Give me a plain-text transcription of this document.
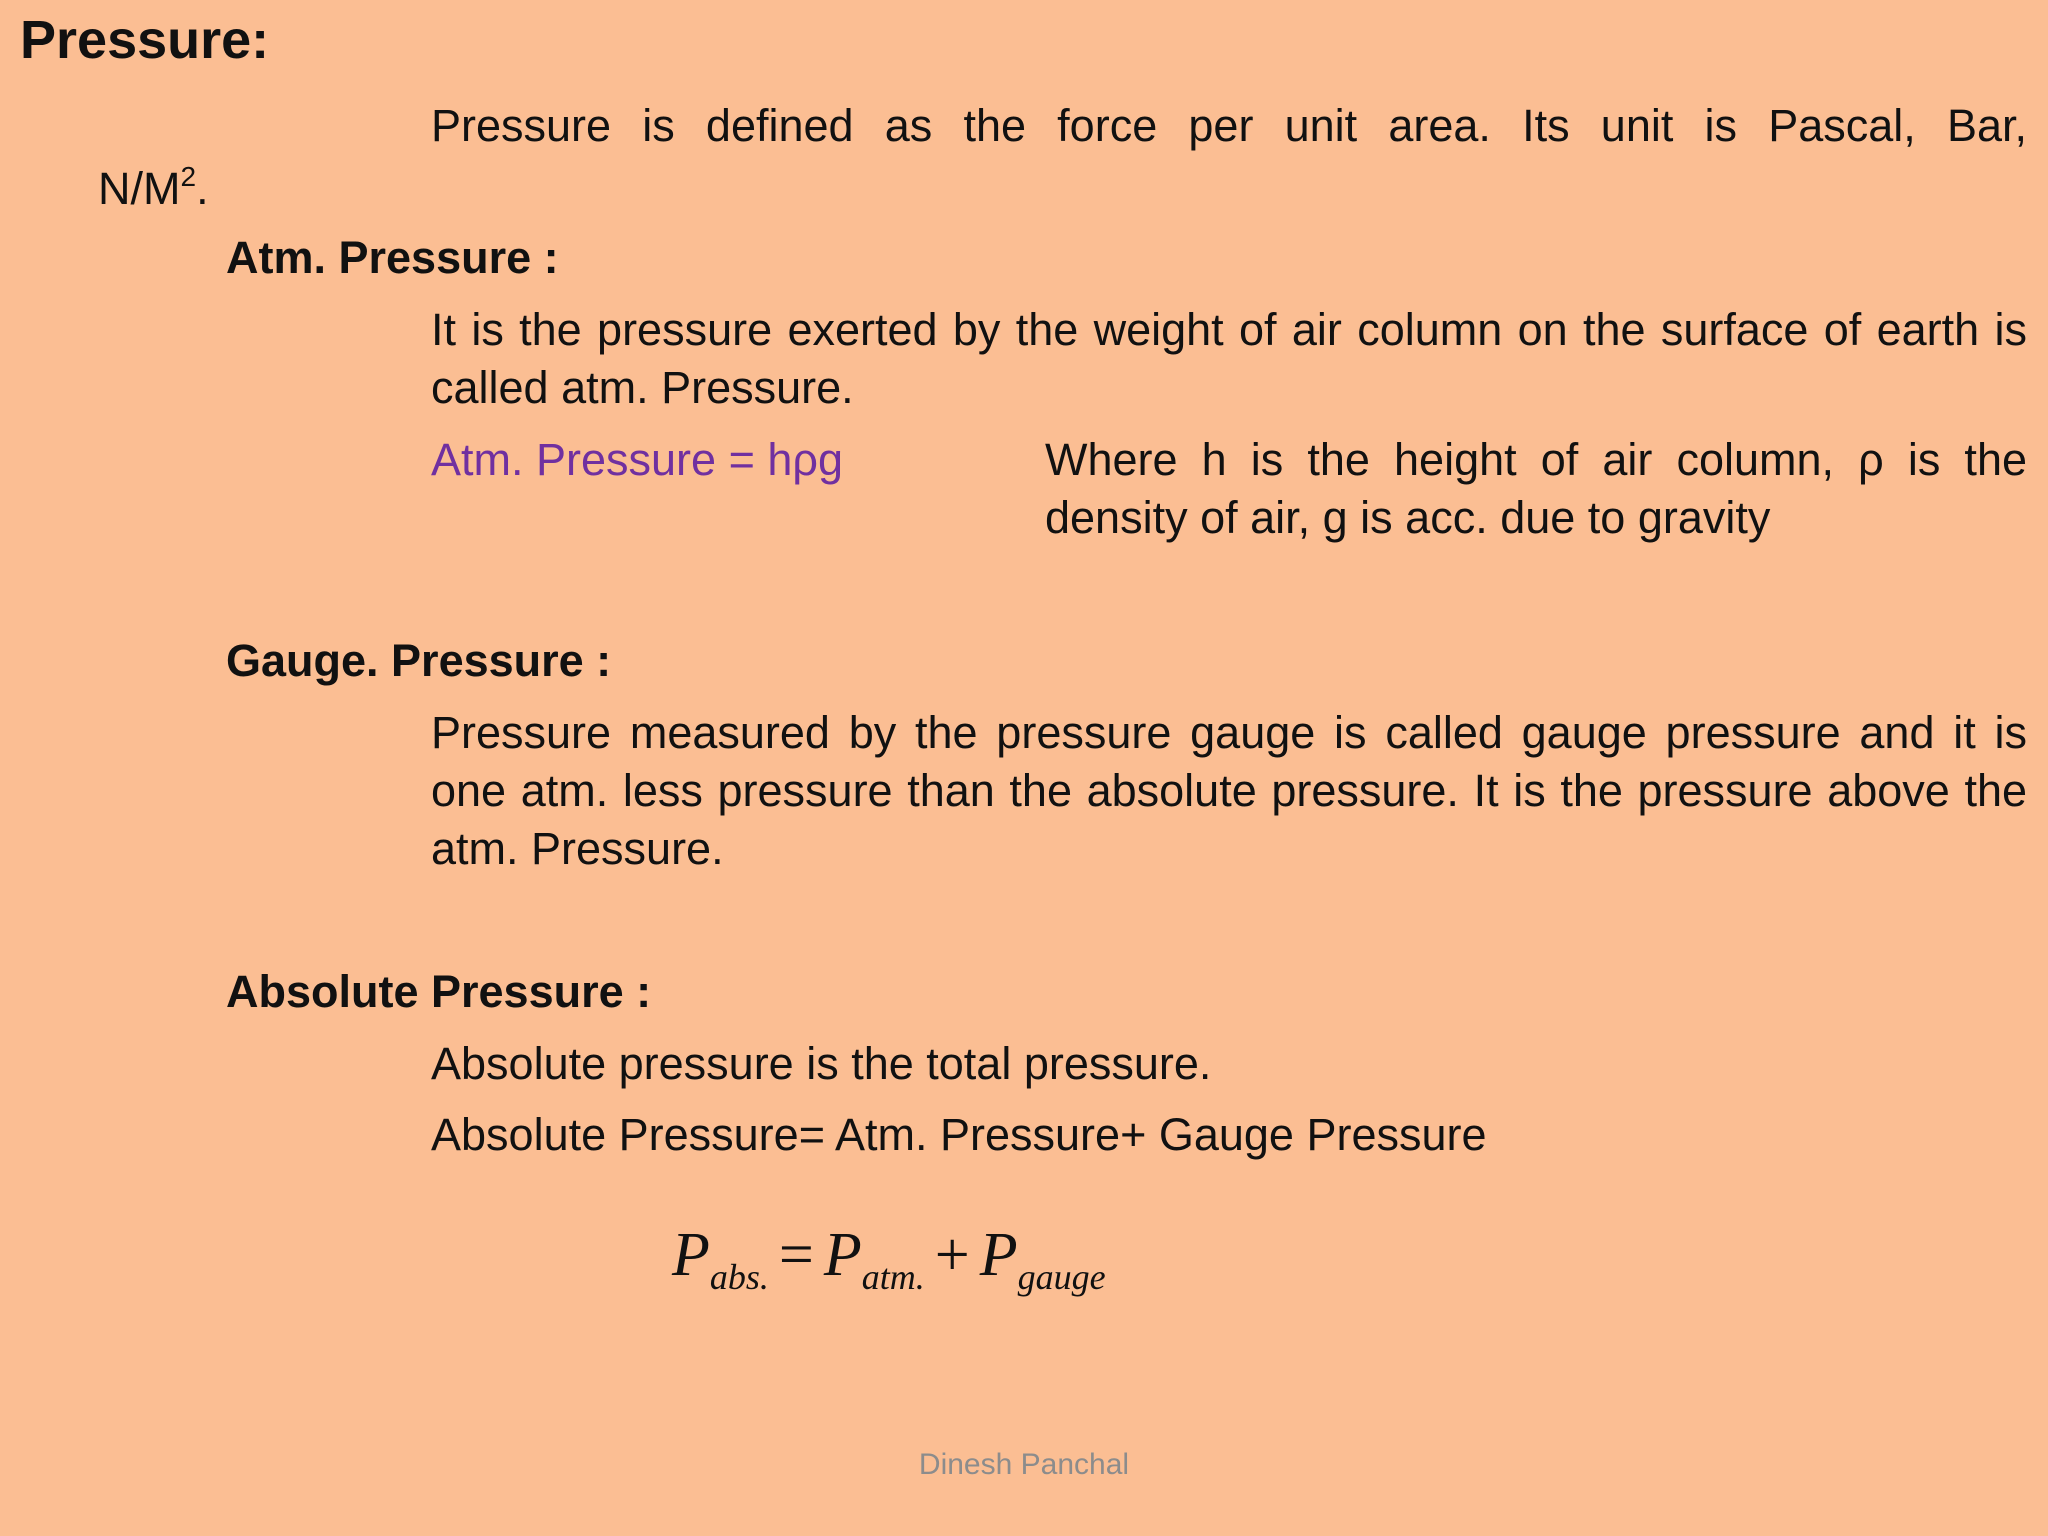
Pressure:
Pressure is defined as the force per unit area. Its unit is Pascal, Bar,
$N/M^2$.
Atm. Pressure :
It is the pressure exerted by the weight of air column on the surface of earth is called atm. Pressure.
Atm. Pressure = hρg	Where h is the height of air column, ρ is the density of air, g is acc. due to gravity
Gauge. Pressure :
Pressure measured by the pressure gauge is called gauge pressure and it is one atm. less pressure than the absolute pressure. It is the pressure above the atm. Pressure.
Absolute Pressure :
Absolute pressure is the total pressure.
Absolute Pressure= Atm. Pressure+ Gauge Pressure
$P_{abs.} = P_{atm.} + P_{gauge}$
Dinesh Panchal
